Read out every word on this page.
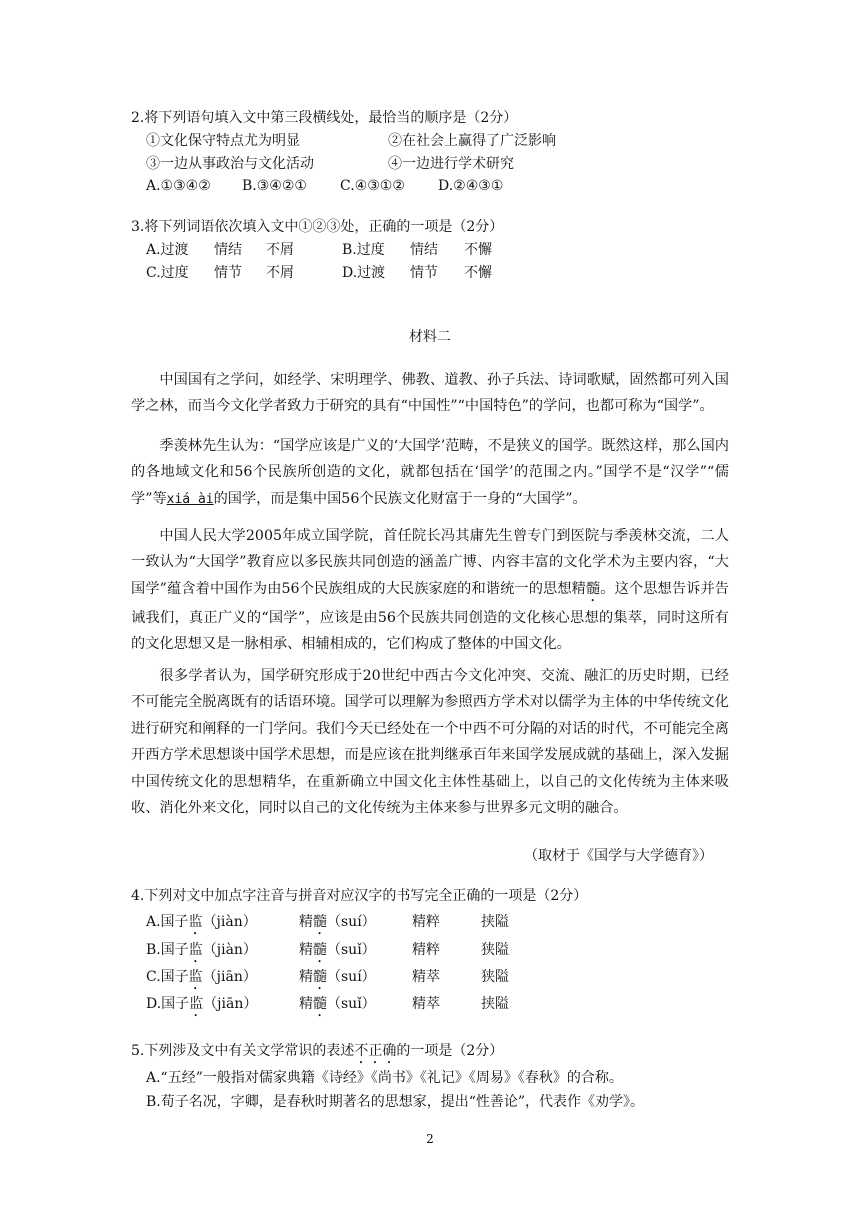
2.将下列语句填入文中第三段横线处，最恰当的顺序是（2分）
①文化保守特点尤为明显	②在社会上赢得了广泛影响
③一边从事政治与文化活动	④一边进行学术研究
A.①③④② B.③④②① C.④③①② D.②④③①
3.将下列词语依次填入文中①②③处，正确的一项是（2分）
A.过渡 情结 不屑	B.过度 情结 不懈
C.过度 情节 不屑	D.过渡 情节 不懈
材料二
中国国有之学问，如经学、宋明理学、佛教、道教、孙子兵法、诗词歌赋，固然都可列入国学之林，而当今文化学者致力于研究的具有“中国性”“中国特色”的学问，也都可称为“国学”。
季羡林先生认为：“国学应该是广义的‘大国学’范畴，不是狭义的国学。既然这样，那么国内的各地域文化和56个民族所创造的文化，就都包括在‘国学’的范围之内。”国学不是“汉学”“儒学”等xiá ài的国学，而是集中国56个民族文化财富于一身的“大国学”。
中国人民大学2005年成立国学院，首任院长冯其庸先生曾专门到医院与季羡林交流，二人一致认为“大国学”教育应以多民族共同创造的涵盖广博、内容丰富的文化学术为主要内容，“大国学”蕴含着中国作为由56个民族组成的大民族家庭的和谐统一的思想精髓。这个思想告诉并告诫我们，真正广义的“国学”，应该是由56个民族共同创造的文化核心思想的集萃，同时这所有的文化思想又是一脉相承、相辅相成的，它们构成了整体的中国文化。
很多学者认为，国学研究形成于20世纪中西古今文化冲突、交流、融汇的历史时期，已经不可能完全脱离既有的话语环境。国学可以理解为参照西方学术对以儒学为主体的中华传统文化进行研究和阐释的一门学问。我们今天已经处在一个中西不可分隔的对话的时代，不可能完全离开西方学术思想谈中国学术思想，而是应该在批判继承百年来国学发展成就的基础上，深入发掘中国传统文化的思想精华，在重新确立中国文化主体性基础上，以自己的文化传统为主体来吸收、消化外来文化，同时以自己的文化传统为主体来参与世界多元文明的融合。
（取材于《国学与大学德育》）
4.下列对文中加点字注音与拼音对应汉字的书写完全正确的一项是（2分）
A.国子监（jiàn）	精髓（suí）	精粹	挟隘
B.国子监（jiàn）	精髓（suǐ）	精粹	狭隘
C.国子监（jiān）	精髓（suí）	精萃	狭隘
D.国子监（jiān）	精髓（suǐ）	精萃	挟隘
5.下列涉及文中有关文学常识的表述不正确的一项是（2分）
A.“五经”一般指对儒家典籍《诗经》《尚书》《礼记》《周易》《春秋》的合称。
B.荀子名况，字卿，是春秋时期著名的思想家，提出“性善论”，代表作《劝学》。
2
